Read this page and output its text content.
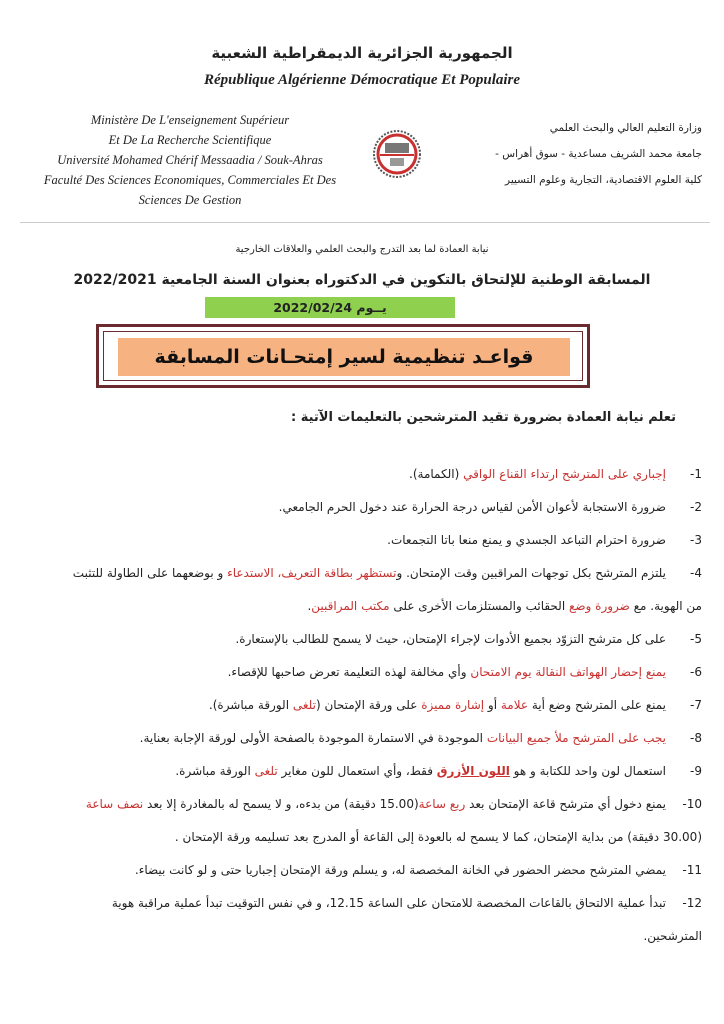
الجمهورية الجزائرية الديمقراطية الشعبية
République Algérienne Démocratique Et Populaire
Ministère De L'enseignement Supérieur
Et De La Recherche Scientifique
Université Mohamed Chérif Messaadia / Souk-Ahras
Faculté Des Sciences Economiques, Commerciales Et Des
Sciences De Gestion
وزارة التعليم العالي والبحث العلمي
جامعة محمد الشريف مساعدية - سوق أهراس -
كلية العلوم الاقتصادية، التجارية وعلوم التسيير
نيابة العمادة لما بعد التدرج والبحث العلمي والعلاقات الخارجية
المسابقة الوطنية للإلتحاق بالتكوين في الدكتوراه بعنوان السنة الجامعية 2022/2021
يــوم 2022/02/24
قواعـد تنظيمية لسير إمتحـانات المسابقة
تعلم نيابة العمادة بضرورة تقيد المترشحين بالتعليمات الآتية :

1-إجباري على المترشح ارتداء القناع الواقي (الكمامة).

2-ضرورة الاستجابة لأعوان الأمن لقياس درجة الحرارة عند دخول الحرم الجامعي.

3-ضرورة احترام التباعد الجسدي و يمنع منعا باتا التجمعات.

4-يلتزم المترشح بكل توجهات المراقبين وقت الإمتحان. وتستظهر بطاقة التعريف، الاستدعاء و بوضعهما على الطاولة للتثبت من الهوية. مع ضرورة وضع الحقائب والمستلزمات الأخرى على مكتب المراقبين.

5-على كل مترشح التزوّد بجميع الأدوات لإجراء الإمتحان، حيث لا يسمح للطالب بالإستعارة.

6-يمنع إحضار الهواتف النقالة يوم الامتحان وأي مخالفة لهذه التعليمة تعرض صاحبها للإقصاء.

7-يمنع على المترشح وضع أية علامة أو إشارة مميزة على ورقة الإمتحان (تلغى الورقة مباشرة).

8-يجب على المترشح ملأ جميع البيانات الموجودة في الاستمارة الموجودة بالصفحة الأولى لورقة الإجابة بعناية.

9-استعمال لون واحد للكتابة و هو اللون الأزرق فقط، وأي استعمال للون مغاير تلغى الورقة مباشرة.

10-يمنع دخول أي مترشح قاعة الإمتحان بعد ربع ساعة(15.00 دقيقة) من بدءه، و لا يسمح له بالمغادرة إلا بعد نصف ساعة (30.00 دقيقة) من بداية الإمتحان، كما لا يسمح له بالعودة إلى القاعة أو المدرج بعد تسليمه ورقة الإمتحان .

11-يمضي المترشح محضر الحضور في الخانة المخصصة له، و يسلم ورقة الإمتحان إجباريا حتى و لو كانت بيضاء.

12-تبدأ عملية الالتحاق بالقاعات المخصصة للامتحان على الساعة 12.15، و في نفس التوقيت تبدأ عملية مراقبة هوية المترشحين.
